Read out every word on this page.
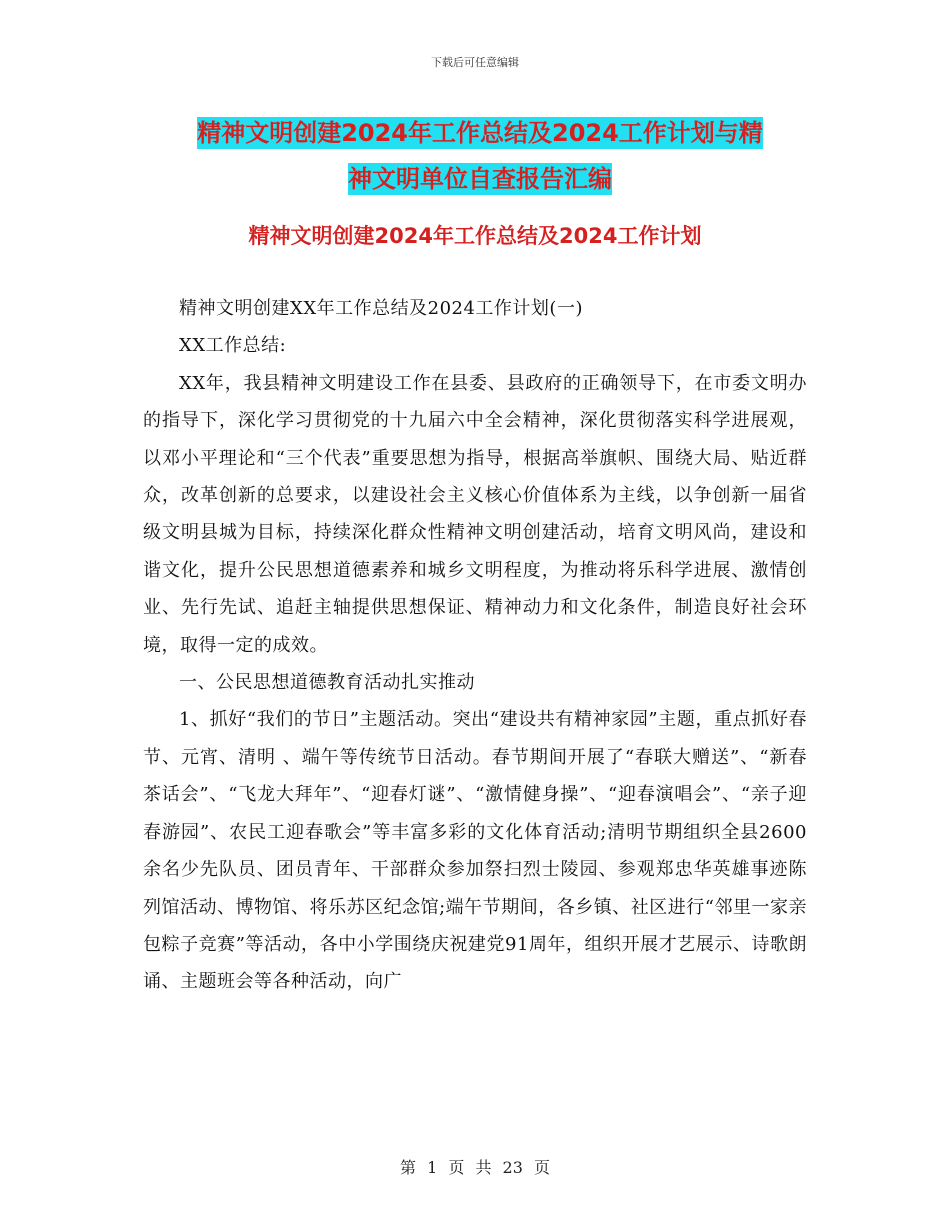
下载后可任意编辑
精神文明创建2024年工作总结及2024工作计划与精
神文明单位自查报告汇编
精神文明创建2024年工作总结及2024工作计划

精神文明创建XX年工作总结及2024工作计划(一)

XX工作总结:

XX年，我县精神文明建设工作在县委、县政府的正确领导下，在市委文明办的指导下，深化学习贯彻党的十九届六中全会精神，深化贯彻落实科学进展观，以邓小平理论和“三个代表”重要思想为指导，根据高举旗帜、围绕大局、贴近群众，改革创新的总要求，以建设社会主义核心价值体系为主线，以争创新一届省级文明县城为目标，持续深化群众性精神文明创建活动，培育文明风尚，建设和谐文化，提升公民思想道德素养和城乡文明程度，为推动将乐科学进展、激情创业、先行先试、追赶主轴提供思想保证、精神动力和文化条件，制造良好社会环境，取得一定的成效。

一、公民思想道德教育活动扎实推动

1、抓好“我们的节日”主题活动。突出“建设共有精神家园”主题，重点抓好春节、元宵、清明 、端午等传统节日活动。春节期间开展了“春联大赠送”、“新春茶话会”、“飞龙大拜年”、“迎春灯谜”、“激情健身操”、“迎春演唱会”、“亲子迎春游园”、农民工迎春歌会”等丰富多彩的文化体育活动;清明节期组织全县2600余名少先队员、团员青年、干部群众参加祭扫烈士陵园、参观郑忠华英雄事迹陈列馆活动、博物馆、将乐苏区纪念馆;端午节期间，各乡镇、社区进行“邻里一家亲包粽子竞赛”等活动，各中小学围绕庆祝建党91周年，组织开展才艺展示、诗歌朗诵、主题班会等各种活动，向广

第 1 页 共 23 页
